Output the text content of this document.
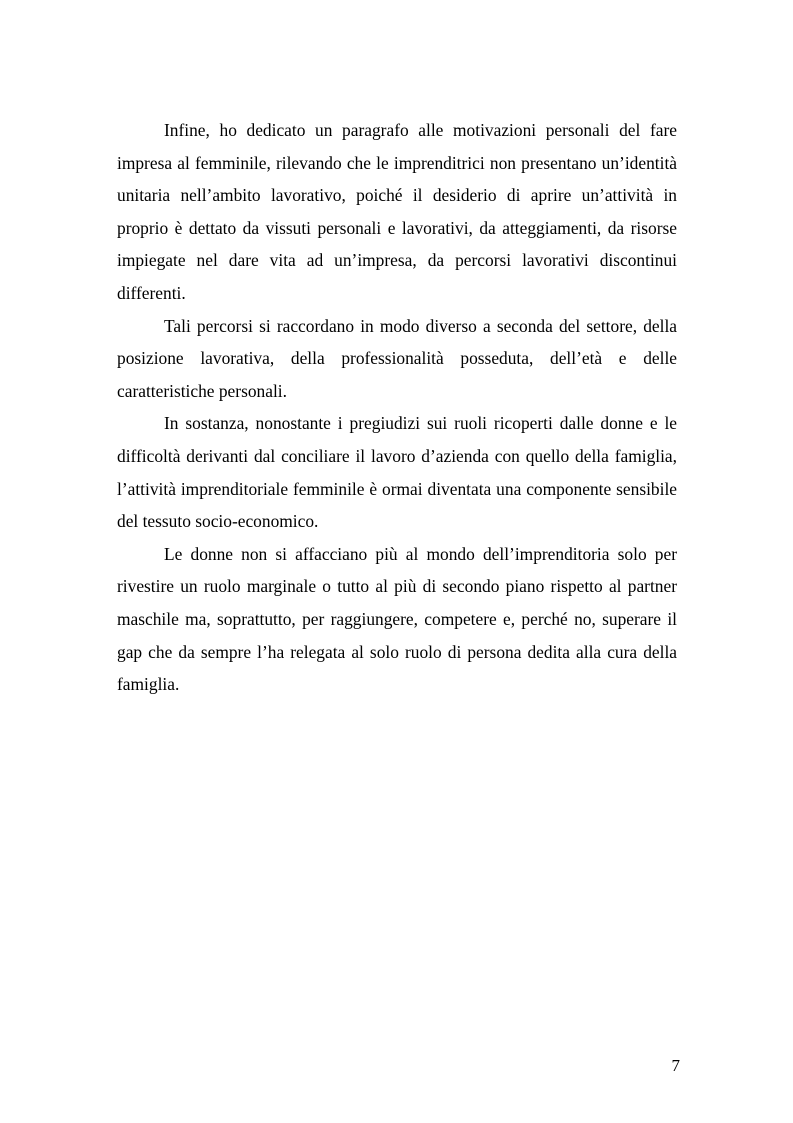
Infine, ho dedicato un paragrafo alle motivazioni personali del fare impresa al femminile, rilevando che le imprenditrici non presentano un’identità unitaria nell’ambito lavorativo, poiché il desiderio di aprire un’attività in proprio è dettato da vissuti personali e lavorativi, da atteggiamenti, da risorse impiegate nel dare vita ad un’impresa, da percorsi lavorativi discontinui differenti.

Tali percorsi si raccordano in modo diverso a seconda del settore, della posizione lavorativa, della professionalità posseduta, dell’età e delle caratteristiche personali.

In sostanza, nonostante i pregiudizi sui ruoli ricoperti dalle donne e le difficoltà derivanti dal conciliare il lavoro d’azienda con quello della famiglia, l’attività imprenditoriale femminile è ormai diventata una componente sensibile del tessuto socio-economico.

Le donne non si affacciano più al mondo dell’imprenditoria solo per rivestire un ruolo marginale o tutto al più di secondo piano rispetto al partner maschile ma, soprattutto, per raggiungere, competere e, perché no, superare il gap che da sempre l’ha relegata al solo ruolo di persona dedita alla cura della famiglia.

7
